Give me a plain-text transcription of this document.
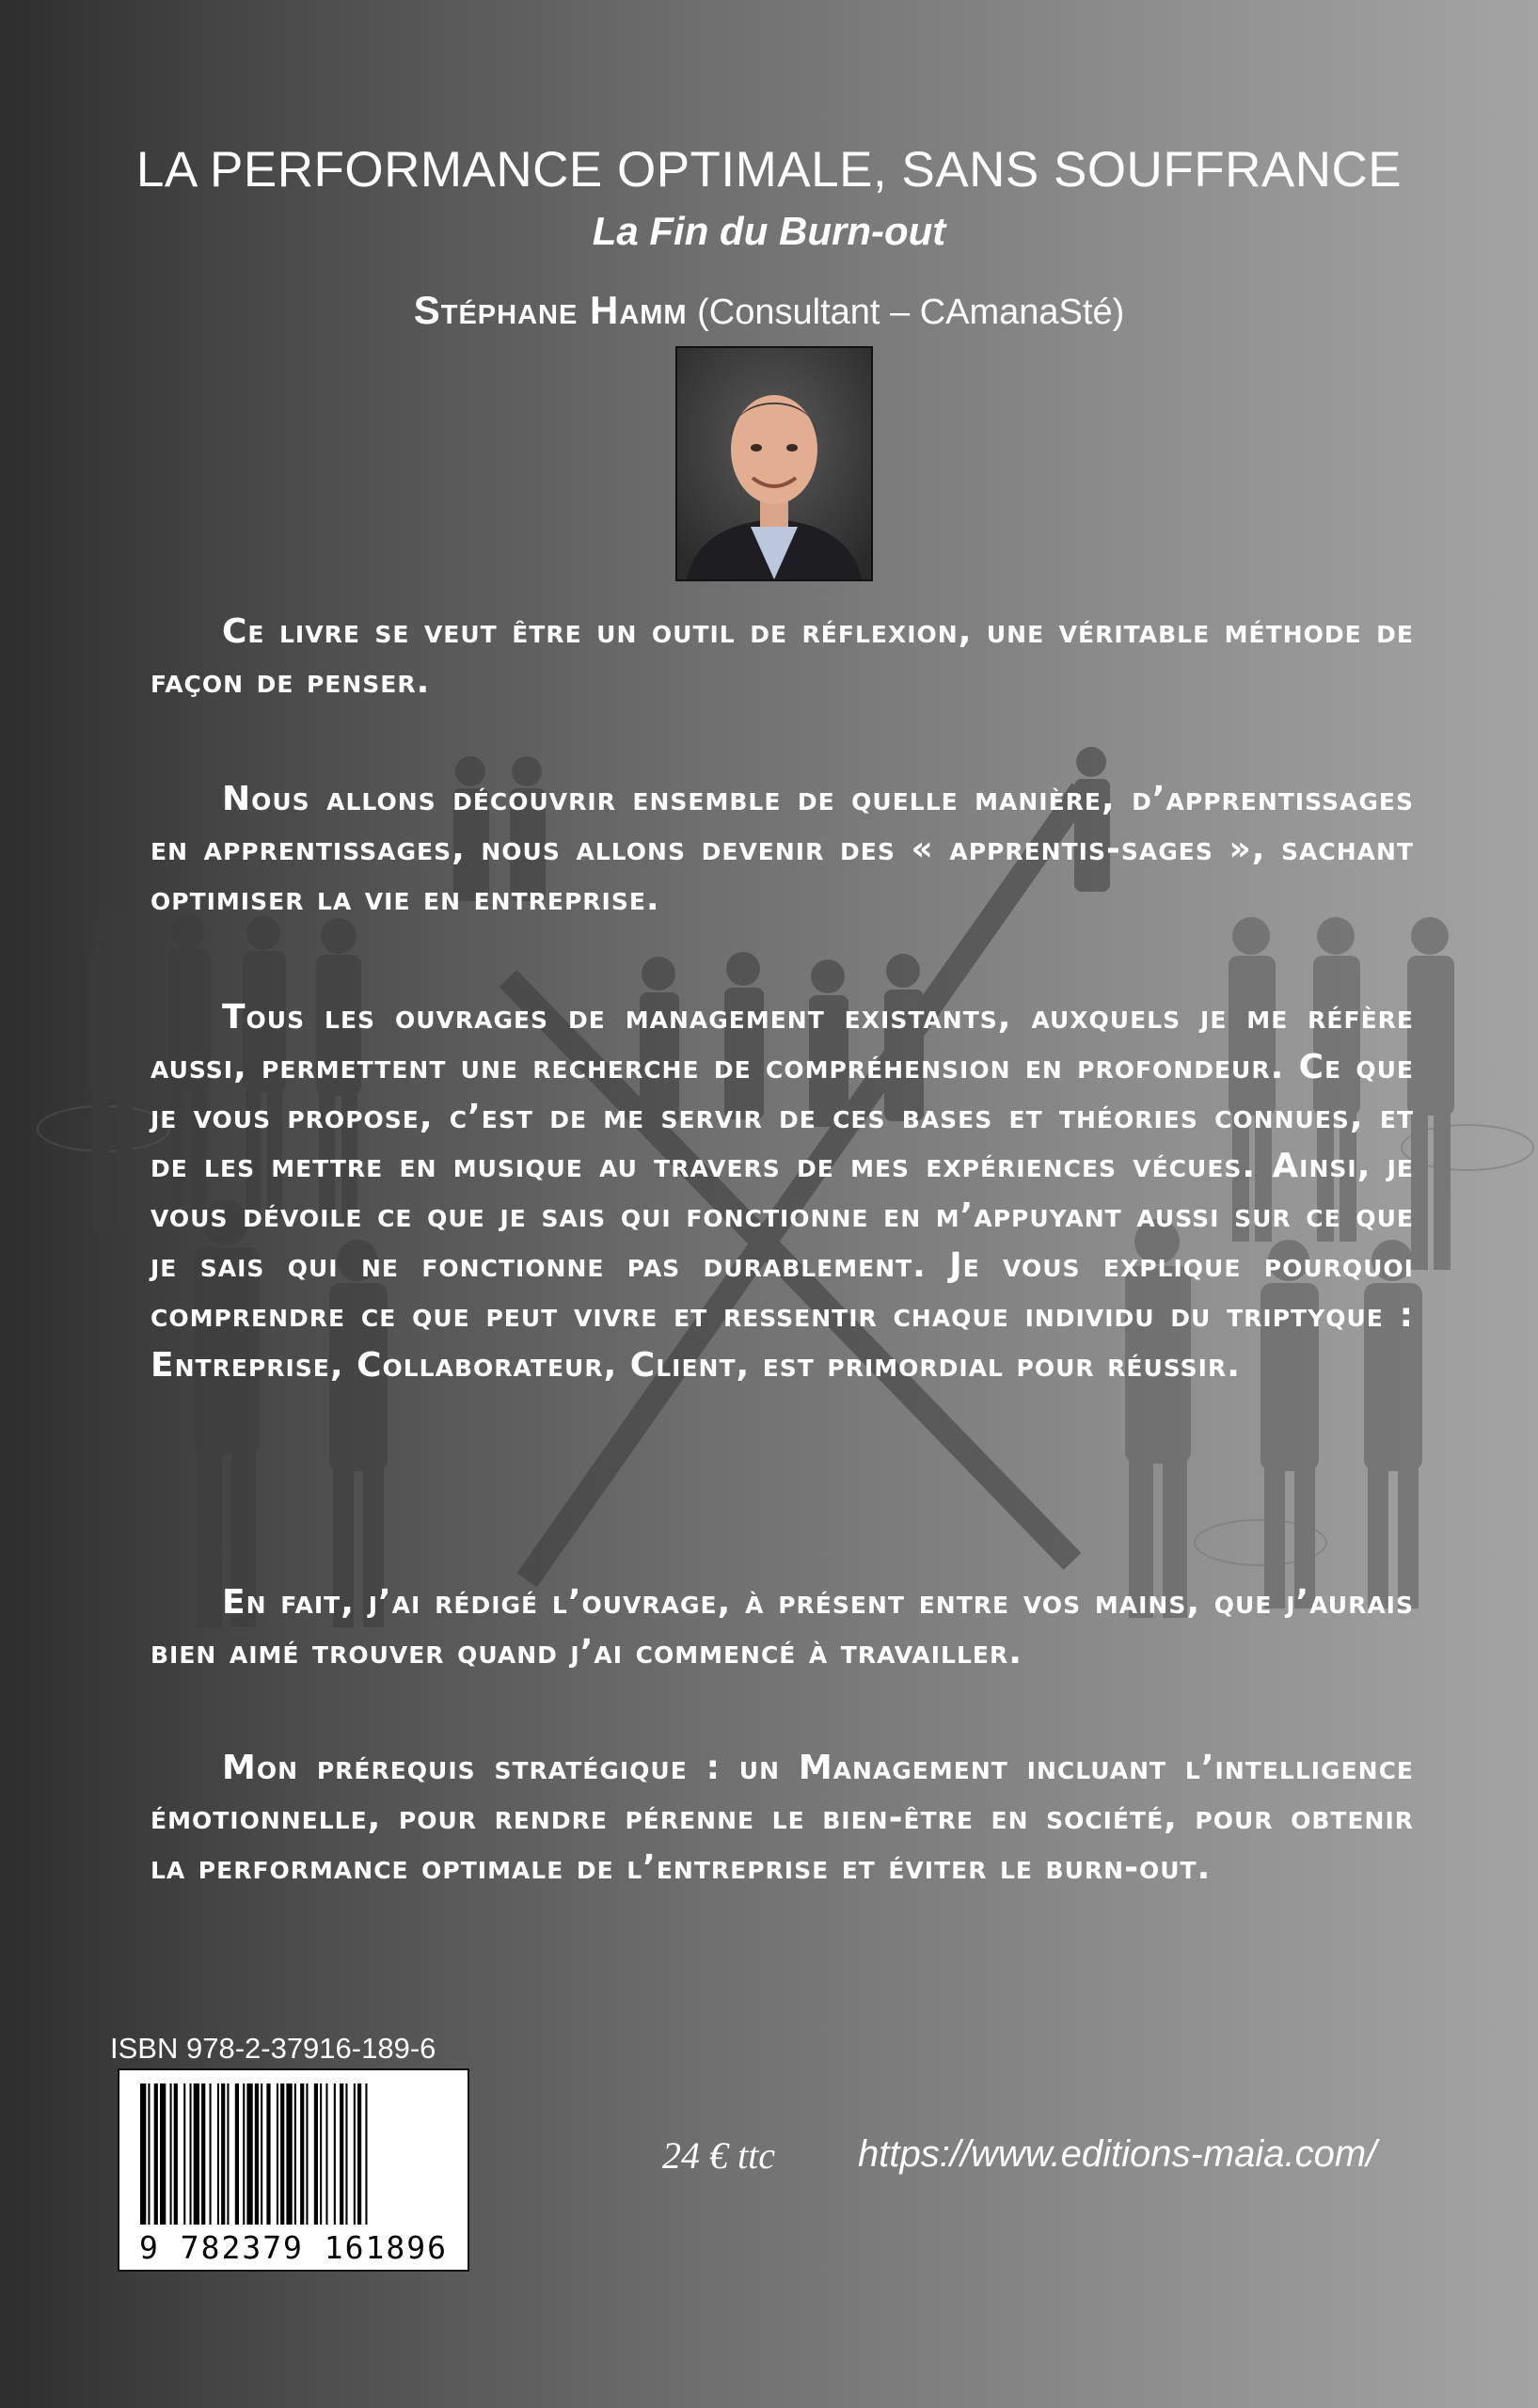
LA PERFORMANCE OPTIMALE, SANS SOUFFRANCE
La Fin du Burn-out
Stéphane Hamm (Consultant – CAmanaSté)

Ce livre se veut être un outil de réflexion, une véritable méthode de façon de penser.

Nous allons découvrir ensemble de quelle manière, d’apprentissages en apprentissages, nous allons devenir des « apprentis-sages », sachant optimiser la vie en entreprise.

Tous les ouvrages de management existants, auxquels je me réfère aussi, permettent une recherche de compréhension en profondeur. Ce que je vous propose, c’est de me servir de ces bases et théories connues, et de les mettre en musique au travers de mes expériences vécues. Ainsi, je vous dévoile ce que je sais qui fonctionne en m’appuyant aussi sur ce que je sais qui ne fonctionne pas durablement. Je vous explique pourquoi comprendre ce que peut vivre et ressentir chaque individu du triptyque : Entreprise, Collaborateur, Client, est primordial pour réussir.

En fait, j’ai rédigé l’ouvrage, à présent entre vos mains, que j’aurais bien aimé trouver quand j’ai commencé à travailler.

Mon prérequis stratégique : un Management incluant l’intelligence émotionnelle, pour rendre pérenne le bien-être en société, pour obtenir la performance optimale de l’entreprise et éviter le burn-out.

ISBN 978-2-37916-189-6
9 782379 161896
24 € ttc https://www.editions-maia.com/
